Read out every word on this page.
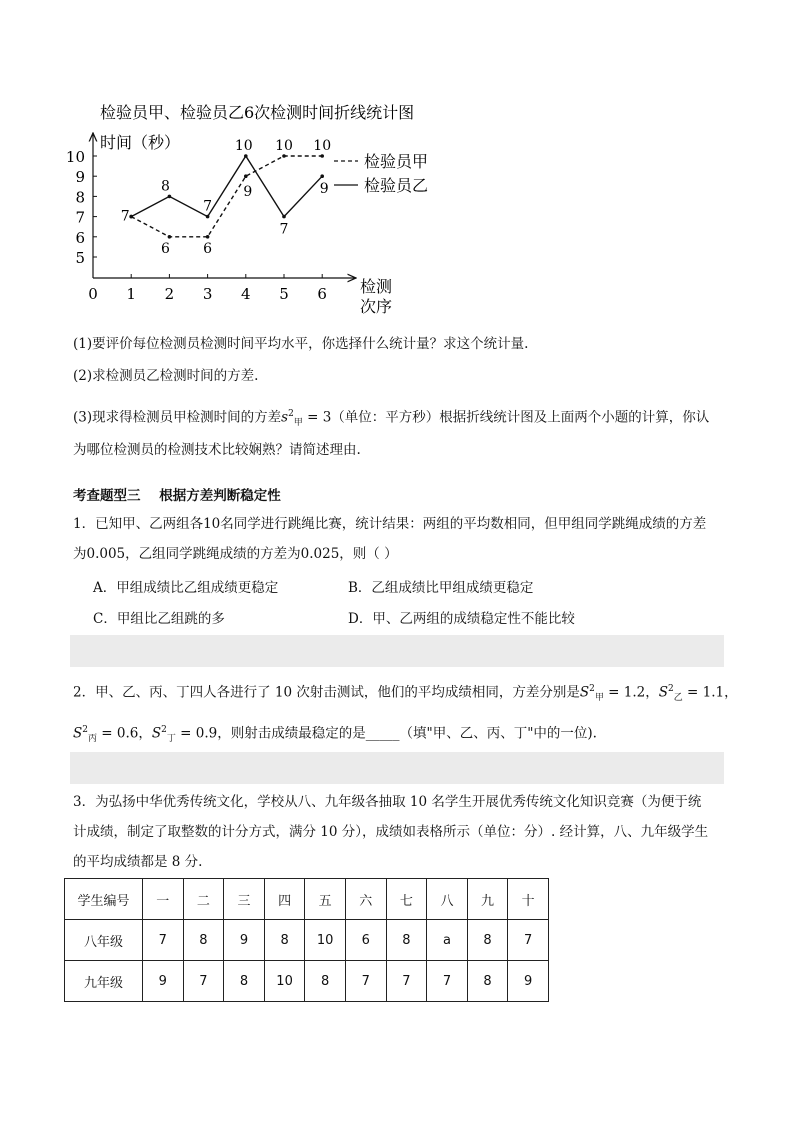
检验员甲、检验员乙6次检测时间折线统计图
时间（秒）
检测
次序
5
6
7
8
9
10
0 1 2 3 4 5 6
7
6 6
9
10 10
8
7
10
7
9
检验员甲
检验员乙
(1)要评价每位检测员检测时间平均水平，你选择什么统计量？求这个统计量.
(2)求检测员乙检测时间的方差.
(3)现求得检测员甲检测时间的方差$s^2_甲 = 3$（单位：平方秒）根据折线统计图及上面两个小题的计算，你认
为哪位检测员的检测技术比较娴熟？请简述理由.
考查题型三    根据方差判断稳定性
1．已知甲、乙两组各10名同学进行跳绳比赛，统计结果：两组的平均数相同，但甲组同学跳绳成绩的方差
为0.005，乙组同学跳绳成绩的方差为0.025，则（ ）
A．甲组成绩比乙组成绩更稳定	B．乙组成绩比甲组成绩更稳定
C．甲组比乙组跳的多	D．甲、乙两组的成绩稳定性不能比较
2．甲、乙、丙、丁四人各进行了 10 次射击测试，他们的平均成绩相同，方差分别是$S^2_甲 = 1.2$，$S^2_乙 = 1.1$，
$S^2_丙 = 0.6$，$S^2_丁 = 0.9$，则射击成绩最稳定的是_____（填"甲、乙、丙、丁"中的一位).
3．为弘扬中华优秀传统文化，学校从八、九年级各抽取 10 名学生开展优秀传统文化知识竞赛（为便于统
计成绩，制定了取整数的计分方式，满分 10 分），成绩如表格所示（单位：分）. 经计算，八、九年级学生
的平均成绩都是 8 分.
学生编号	一	二	三	四	五	六	七	八	九	十
八年级	7	8	9	8	10	6	8	a	8	7
九年级	9	7	8	10	8	7	7	7	8	9
